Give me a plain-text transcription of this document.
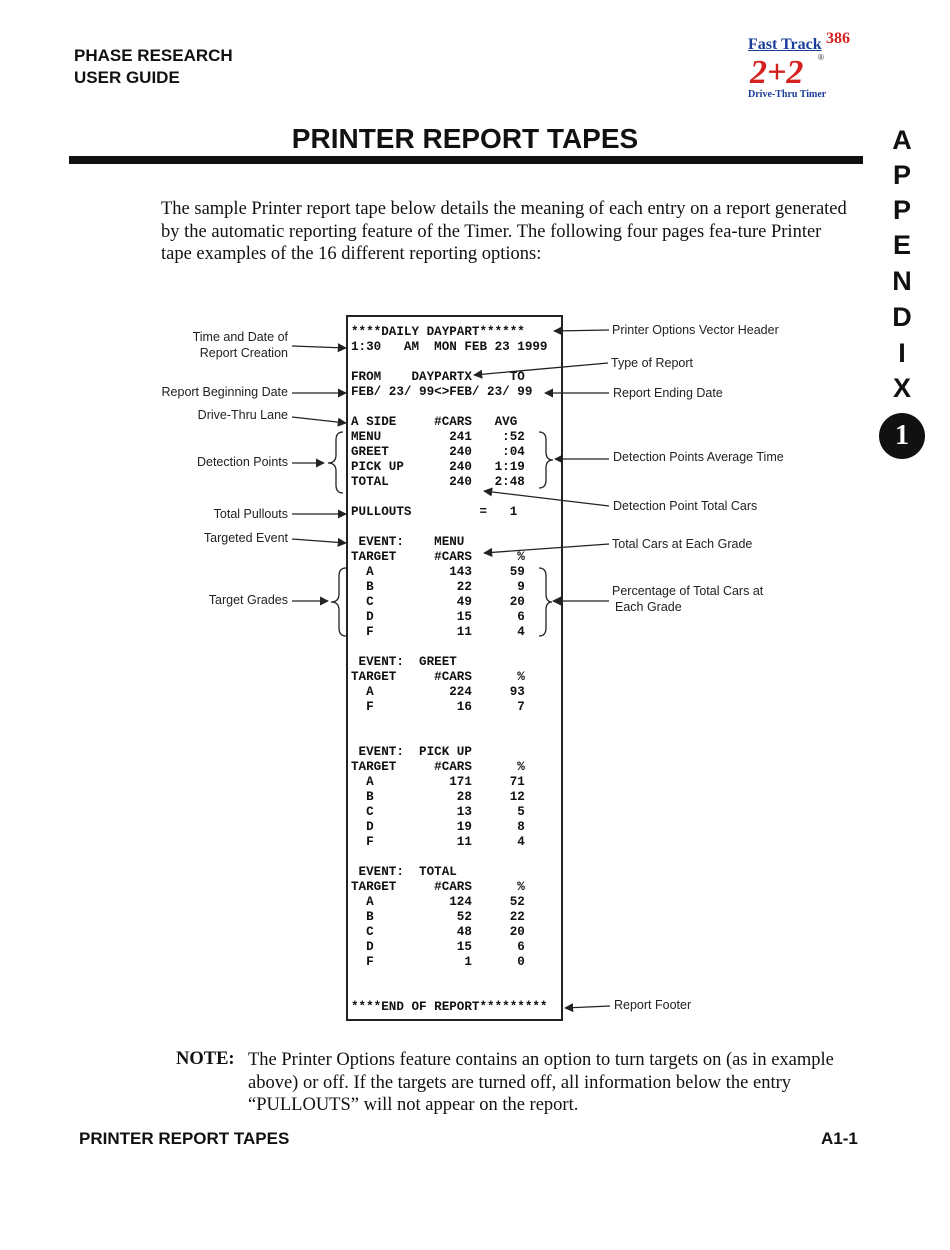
PHASE RESEARCH
USER GUIDE
Fast Track 386
2+2 ®
Drive-Thru Timer
PRINTER REPORT TAPES	A
P
P
E
N
D
I
X
1
The sample Printer report tape below details the meaning of each entry on a report generated by the automatic reporting feature of the Timer. The following four pages fea-ture Printer tape examples of the 16 different reporting options:
****DAILY DAYPART******
1:30   AM  MON FEB 23 1999
FROM    DAYPARTX     TO
FEB/ 23/ 99<>FEB/ 23/ 99
A SIDE     #CARS   AVG
MENU         241    :52
GREET        240    :04
PICK UP      240   1:19
TOTAL        240   2:48
PULLOUTS         =   1
EVENT:    MENU
TARGET     #CARS      %
A          143     59
B           22      9
C           49     20
D           15      6
F           11      4
EVENT:  GREET
TARGET     #CARS      %
A          224     93
F           16      7
EVENT:  PICK UP
TARGET     #CARS      %
A          171     71
B           28     12
C           13      5
D           19      8
F           11      4
EVENT:  TOTAL
TARGET     #CARS      %
A          124     52
B           52     22
C           48     20
D           15      6
F            1      0
****END OF REPORT*********
Time and Date of
Report Creation
Report Beginning Date
Drive-Thru Lane
Detection Points
Total Pullouts
Targeted Event
Target Grades
Printer Options Vector Header
Type of Report
Report Ending Date
Detection Points Average Time
Detection Point Total Cars
Total Cars at Each Grade
Percentage of Total Cars at
Each Grade
Report Footer
NOTE: The Printer Options feature contains an option to turn targets on (as in example above) or off. If the targets are turned off, all information below the entry “PULLOUTS” will not appear on the report.
PRINTER REPORT TAPES	A1-1
